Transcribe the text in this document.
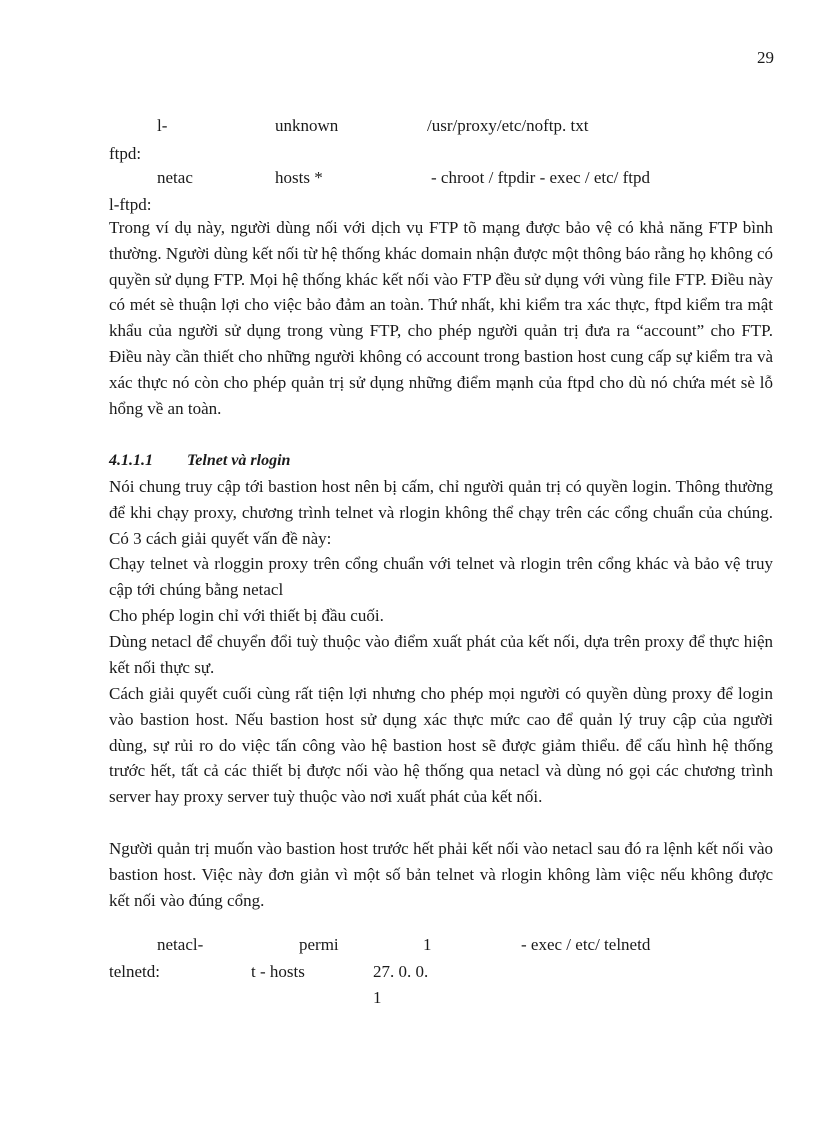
29
l-	unknown	/usr/proxy/etc/noftp. txt
ftpd:
netac	hosts *	- chroot / ftpdir - exec / etc/ ftpd
l-ftpd:
Trong ví dụ này, người dùng nối với dịch vụ FTP tõ mạng được bảo vệ có khả năng FTP bình thường. Người dùng kết nối từ hệ thống khác domain nhận được một thông báo rằng họ không có quyền sử dụng FTP. Mọi hệ thống khác kết nối vào FTP đều sử dụng với vùng file FTP. Điều này có mét sè thuận lợi cho việc bảo đảm an toàn. Thứ nhất, khi kiểm tra xác thực, ftpd kiểm tra mật khẩu của người sử dụng trong vùng FTP, cho phép người quản trị đưa ra “account” cho FTP. Điều này cần thiết cho những người không có account trong bastion host cung cấp sự kiểm tra và xác thực nó còn cho phép quản trị sử dụng những điểm mạnh của ftpd cho dù nó chứa mét sè lỗ hổng về an toàn.
4.1.1.1 Telnet và rlogin
Nói chung truy cập tới bastion host nên bị cấm, chỉ người quản trị có quyền login. Thông thường để khi chạy proxy, chương trình telnet và rlogin không thể chạy trên các cổng chuẩn của chúng. Có 3 cách giải quyết vấn đề này:
Chạy telnet và rloggin proxy trên cổng chuẩn với telnet và rlogin trên cổng khác và bảo vệ truy cập tới chúng bằng netacl
Cho phép login chỉ với thiết bị đầu cuối.
Dùng netacl để chuyển đổi tuỳ thuộc vào điểm xuất phát của kết nối, dựa trên proxy để thực hiện kết nối thực sự.
Cách giải quyết cuối cùng rất tiện lợi nhưng cho phép mọi người có quyền dùng proxy để login vào bastion host. Nếu bastion host sử dụng xác thực mức cao để quản lý truy cập của người dùng, sự rủi ro do việc tấn công vào hệ bastion host sẽ được giảm thiểu. để cấu hình hệ thống trước hết, tất cả các thiết bị được nối vào hệ thống qua netacl và dùng nó gọi các chương trình server hay proxy server tuỳ thuộc vào nơi xuất phát của kết nối.
Người quản trị muốn vào bastion host trước hết phải kết nối vào netacl sau đó ra lệnh kết nối vào bastion host. Việc này đơn giản vì một số bản telnet và rlogin không làm việc nếu không được kết nối vào đúng cổng.
netacl-	permi	1	- exec / etc/ telnetd
telnetd:	t - hosts	27. 0. 0.
1
